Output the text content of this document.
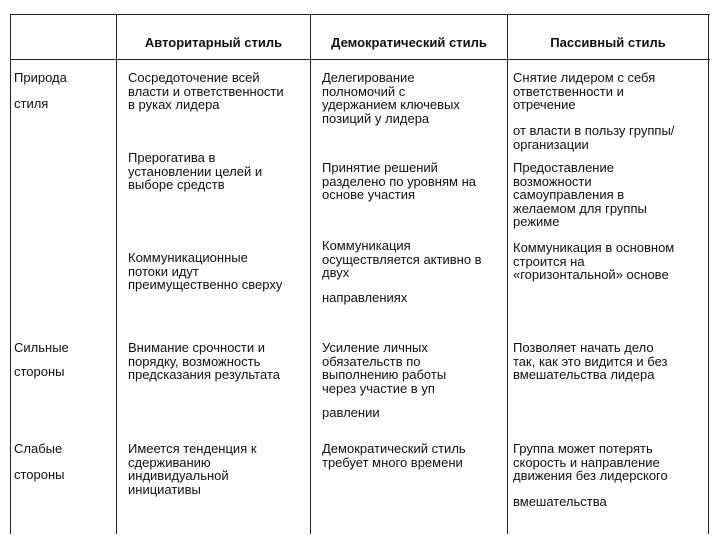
Авторитарный стиль	Демократический стиль	Пассивный стиль
Природа
стиля
Сосредоточение всей
власти и ответственности
в руках лидера
Прерогатива в
установлении целей и
выборе средств
Коммуникационные
потоки идут
преимущественно сверху
Делегирование
полномочий с
удержанием ключевых
позиций у лидера
Принятие решений
разделено по уровням на
основе участия
Коммуникация
осуществляется активно в
двух
направлениях
Снятие лидером с себя
ответственности и
отречение
от власти в пользу группы/
организации
Предоставление
возможности
самоуправления в
желаемом для группы
режиме
Коммуникация в основном
строится на
«горизонтальной» основе
Сильные
стороны
Внимание срочности и
порядку, возможность
предсказания результата
Усиление личных
обязательств по
выполнению работы
через участие в уп
равлении
Позволяет начать дело
так, как это видится и без
вмешательства лидера
Слабые
стороны
Имеется тенденция к
сдерживанию
индивидуальной
инициативы
Демократический стиль
требует много времени
Группа может потерять
скорость и направление
движения без лидерского
вмешательства
